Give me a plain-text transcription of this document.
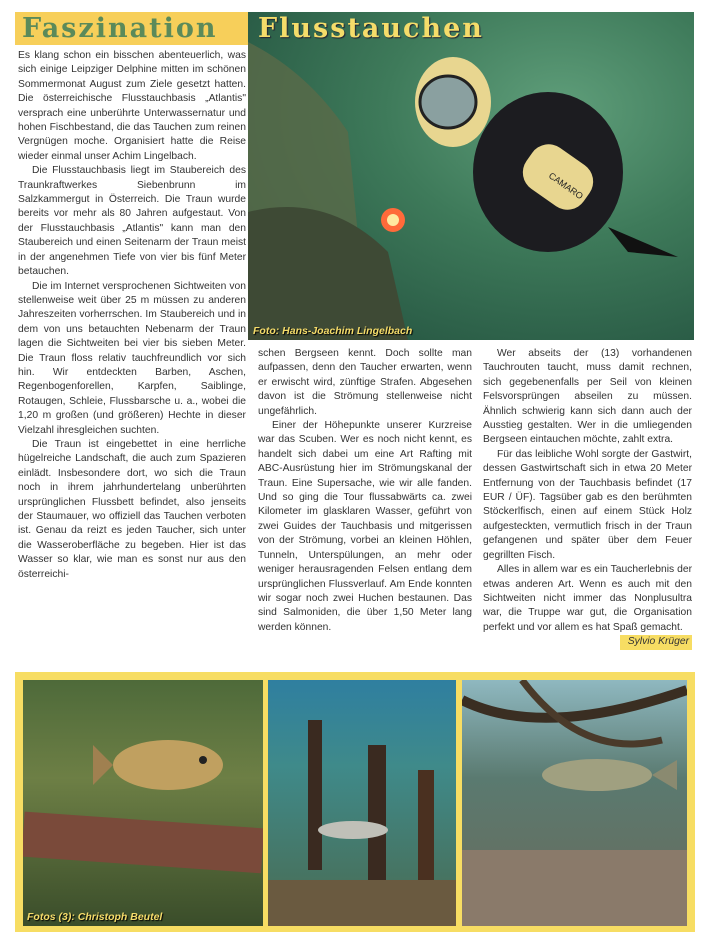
Faszination Flusstauchen
CAMARO
Foto: Hans-Joachim Lingelbach

Es klang schon ein bisschen abenteuerlich, was sich einige Leipziger Delphine mitten im schönen Sommermonat August zum Ziele gesetzt hatten. Die österreichische Flusstauchbasis „Atlantis" versprach eine unberührte Unterwassernatur und hohen Fischbestand, die das Tauchen zum reinen Vergnügen moche. Organisiert hatte die Reise wieder einmal unser Achim Lingelbach.

Die Flusstauchbasis liegt im Staubereich des Traunkraftwerkes Siebenbrunn im Salzkammergut in Österreich. Die Traun wurde bereits vor mehr als 80 Jahren aufgestaut. Von der Flusstauchbasis „Atlantis" kann man den Staubereich und einen Seitenarm der Traun meist in der angenehmen Tiefe von vier bis fünf Meter betauchen.

Die im Internet versprochenen Sichtweiten von stellenweise weit über 25 m müssen zu anderen Jahreszeiten vorherrschen. Im Staubereich und in dem von uns betauchten Nebenarm der Traun lagen die Sichtweiten bei vier bis sieben Meter. Die Traun floss relativ tauchfreundlich vor sich hin. Wir entdeckten Barben, Aschen, Regenbogenforellen, Karpfen, Saiblinge, Rotaugen, Schleie, Flussbarsche u. a., wobei die 1,20 m großen (und größeren) Hechte in dieser Vielzahl ihresgleichen suchten.

Die Traun ist eingebettet in eine herrliche hügelreiche Landschaft, die auch zum Spazieren einlädt. Insbesondere dort, wo sich die Traun noch in ihrem jahrhundertelang unberührten ursprünglichen Flussbett befindet, also jenseits der Staumauer, wo offiziell das Tauchen verboten ist. Genau da reizt es jeden Taucher, sich unter die Wasseroberfläche zu begeben. Hier ist das Wasser so klar, wie man es sonst nur aus den österreichi-

schen Bergseen kennt. Doch sollte man aufpassen, denn den Taucher erwarten, wenn er erwischt wird, zünftige Strafen. Abgesehen davon ist die Strömung stellenweise nicht ungefährlich.

Einer der Höhepunkte unserer Kurzreise war das Scuben. Wer es noch nicht kennt, es handelt sich dabei um eine Art Rafting mit ABC-Ausrüstung hier im Strömungskanal der Traun. Eine Supersache, wie wir alle fanden. Und so ging die Tour flussabwärts ca. zwei Kilometer im glasklaren Wasser, geführt von zwei Guides der Tauchbasis und mitgerissen von der Strömung, vorbei an kleinen Höhlen, Tunneln, Unterspülungen, an mehr oder weniger herausragenden Felsen entlang dem ursprünglichen Flussverlauf. Am Ende konnten wir sogar noch zwei Huchen bestaunen. Das sind Salmoniden, die über 1,50 Meter lang werden können.

Wer abseits der (13) vorhandenen Tauchrouten taucht, muss damit rechnen, sich gegebenenfalls per Seil von kleinen Felsvorsprüngen abseilen zu müssen. Ähnlich schwierig kann sich dann auch der Ausstieg gestalten. Wer in die umliegenden Bergseen eintauchen möchte, zahlt extra.

Für das leibliche Wohl sorgte der Gastwirt, dessen Gastwirtschaft sich in etwa 20 Meter Entfernung von der Tauchbasis befindet (17 EUR / ÜF). Tagsüber gab es den berühmten Stöckerlfisch, einen auf einem Stück Holz aufgesteckten, vermutlich frisch in der Traun gefangenen und später über dem Feuer gegrillten Fisch.

Alles in allem war es ein Taucherlebnis der etwas anderen Art. Wenn es auch mit den Sichtweiten nicht immer das Nonplusultra war, die Truppe war gut, die Organisation perfekt und vor allem es hat Spaß gemacht.
Sylvio Krüger

Fotos (3): Christoph Beutel
